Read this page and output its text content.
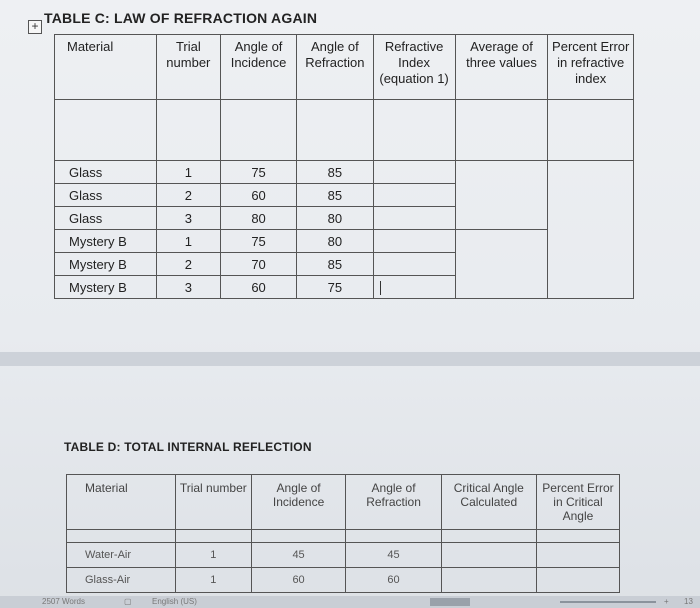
+ TABLE C: LAW OF REFRACTION AGAIN
Material	Trial number	Angle of Incidence	Angle of Refraction	Refractive Index (equation 1)	Average of three values	Percent Error in refractive index

Glass	1	75	85			
Glass	2	60	85			
Glass	3	80	80			
Mystery B	1	75	80			
Mystery B	2	70	85			
Mystery B	3	60	75			
TABLE D: TOTAL INTERNAL REFLECTION
Material	Trial number	Angle of Incidence	Angle of Refraction	Critical Angle Calculated	Percent Error in Critical Angle

Water-Air	1	45	45		
Glass-Air	1	60	60		
2507 Words	▢	English (US)	+ 13
